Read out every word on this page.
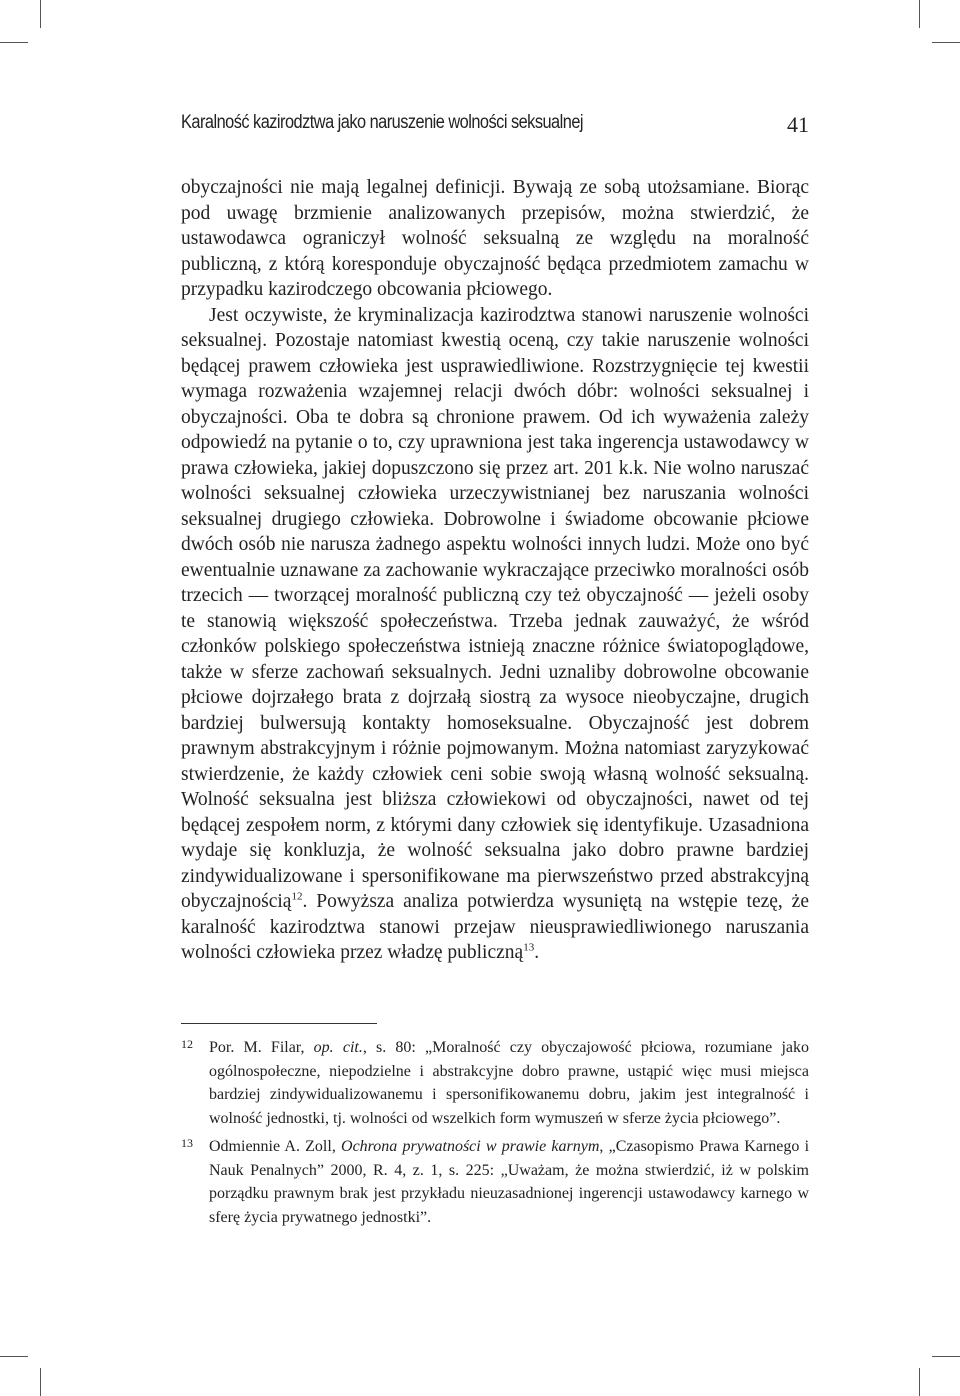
Karalność kazirodztwa jako naruszenie wolności seksualnej	41

obyczajności nie mają legalnej definicji. Bywają ze sobą utożsamiane. Biorąc pod uwagę brzmienie analizowanych przepisów, można stwierdzić, że ustawodawca ograniczył wolność seksualną ze względu na moralność publiczną, z którą koresponduje obyczajność będąca przedmiotem zamachu w przypadku kazirodczego obcowania płciowego.

Jest oczywiste, że kryminalizacja kazirodztwa stanowi naruszenie wolności seksualnej. Pozostaje natomiast kwestią oceną, czy takie naruszenie wolności będącej prawem człowieka jest usprawiedliwione. Rozstrzygnięcie tej kwestii wymaga rozważenia wzajemnej relacji dwóch dóbr: wolności seksualnej i obyczajności. Oba te dobra są chronione prawem. Od ich wyważenia zależy odpowiedź na pytanie o to, czy uprawniona jest taka ingerencja ustawodawcy w prawa człowieka, jakiej dopuszczono się przez art. 201 k.k. Nie wolno naruszać wolności seksualnej człowieka urzeczywistnianej bez naruszania wolności seksualnej drugiego człowieka. Dobrowolne i świadome obcowanie płciowe dwóch osób nie narusza żadnego aspektu wolności innych ludzi. Może ono być ewentualnie uznawane za zachowanie wykraczające przeciwko moralności osób trzecich — tworzącej moralność publiczną czy też obyczajność — jeżeli osoby te stanowią większość społeczeństwa. Trzeba jednak zauważyć, że wśród członków polskiego społeczeństwa istnieją znaczne różnice światopoglądowe, także w sferze zachowań seksualnych. Jedni uznaliby dobrowolne obcowanie płciowe dojrzałego brata z dojrzałą siostrą za wysoce nieobyczajne, drugich bardziej bulwersują kontakty homoseksualne. Obyczajność jest dobrem prawnym abstrakcyjnym i różnie pojmowanym. Można natomiast zaryzykować stwierdzenie, że każdy człowiek ceni sobie swoją własną wolność seksualną. Wolność seksualna jest bliższa człowiekowi od obyczajności, nawet od tej będącej zespołem norm, z którymi dany człowiek się identyfikuje. Uzasadniona wydaje się konkluzja, że wolność seksualna jako dobro prawne bardziej zindywidualizowane i spersonifikowane ma pierwszeństwo przed abstrakcyjną obyczajnością$^{12}$. Powyższa analiza potwierdza wysuniętą na wstępie tezę, że karalność kazirodztwa stanowi przejaw nieusprawiedliwionego naruszania wolności człowieka przez władzę publiczną$^{13}$.

12 Por. M. Filar, op. cit., s. 80: „Moralność czy obyczajowość płciowa, rozumiane jako ogólnospołeczne, niepodzielne i abstrakcyjne dobro prawne, ustąpić więc musi miejsca bardziej zindywidualizowanemu i spersonifikowanemu dobru, jakim jest integralność i wolność jednostki, tj. wolności od wszelkich form wymuszeń w sferze życia płciowego”.
13 Odmiennie A. Zoll, Ochrona prywatności w prawie karnym, „Czasopismo Prawa Karnego i Nauk Penalnych” 2000, R. 4, z. 1, s. 225: „Uważam, że można stwierdzić, iż w polskim porządku prawnym brak jest przykładu nieuzasadnionej ingerencji ustawodawcy karnego w sferę życia prywatnego jednostki”.
